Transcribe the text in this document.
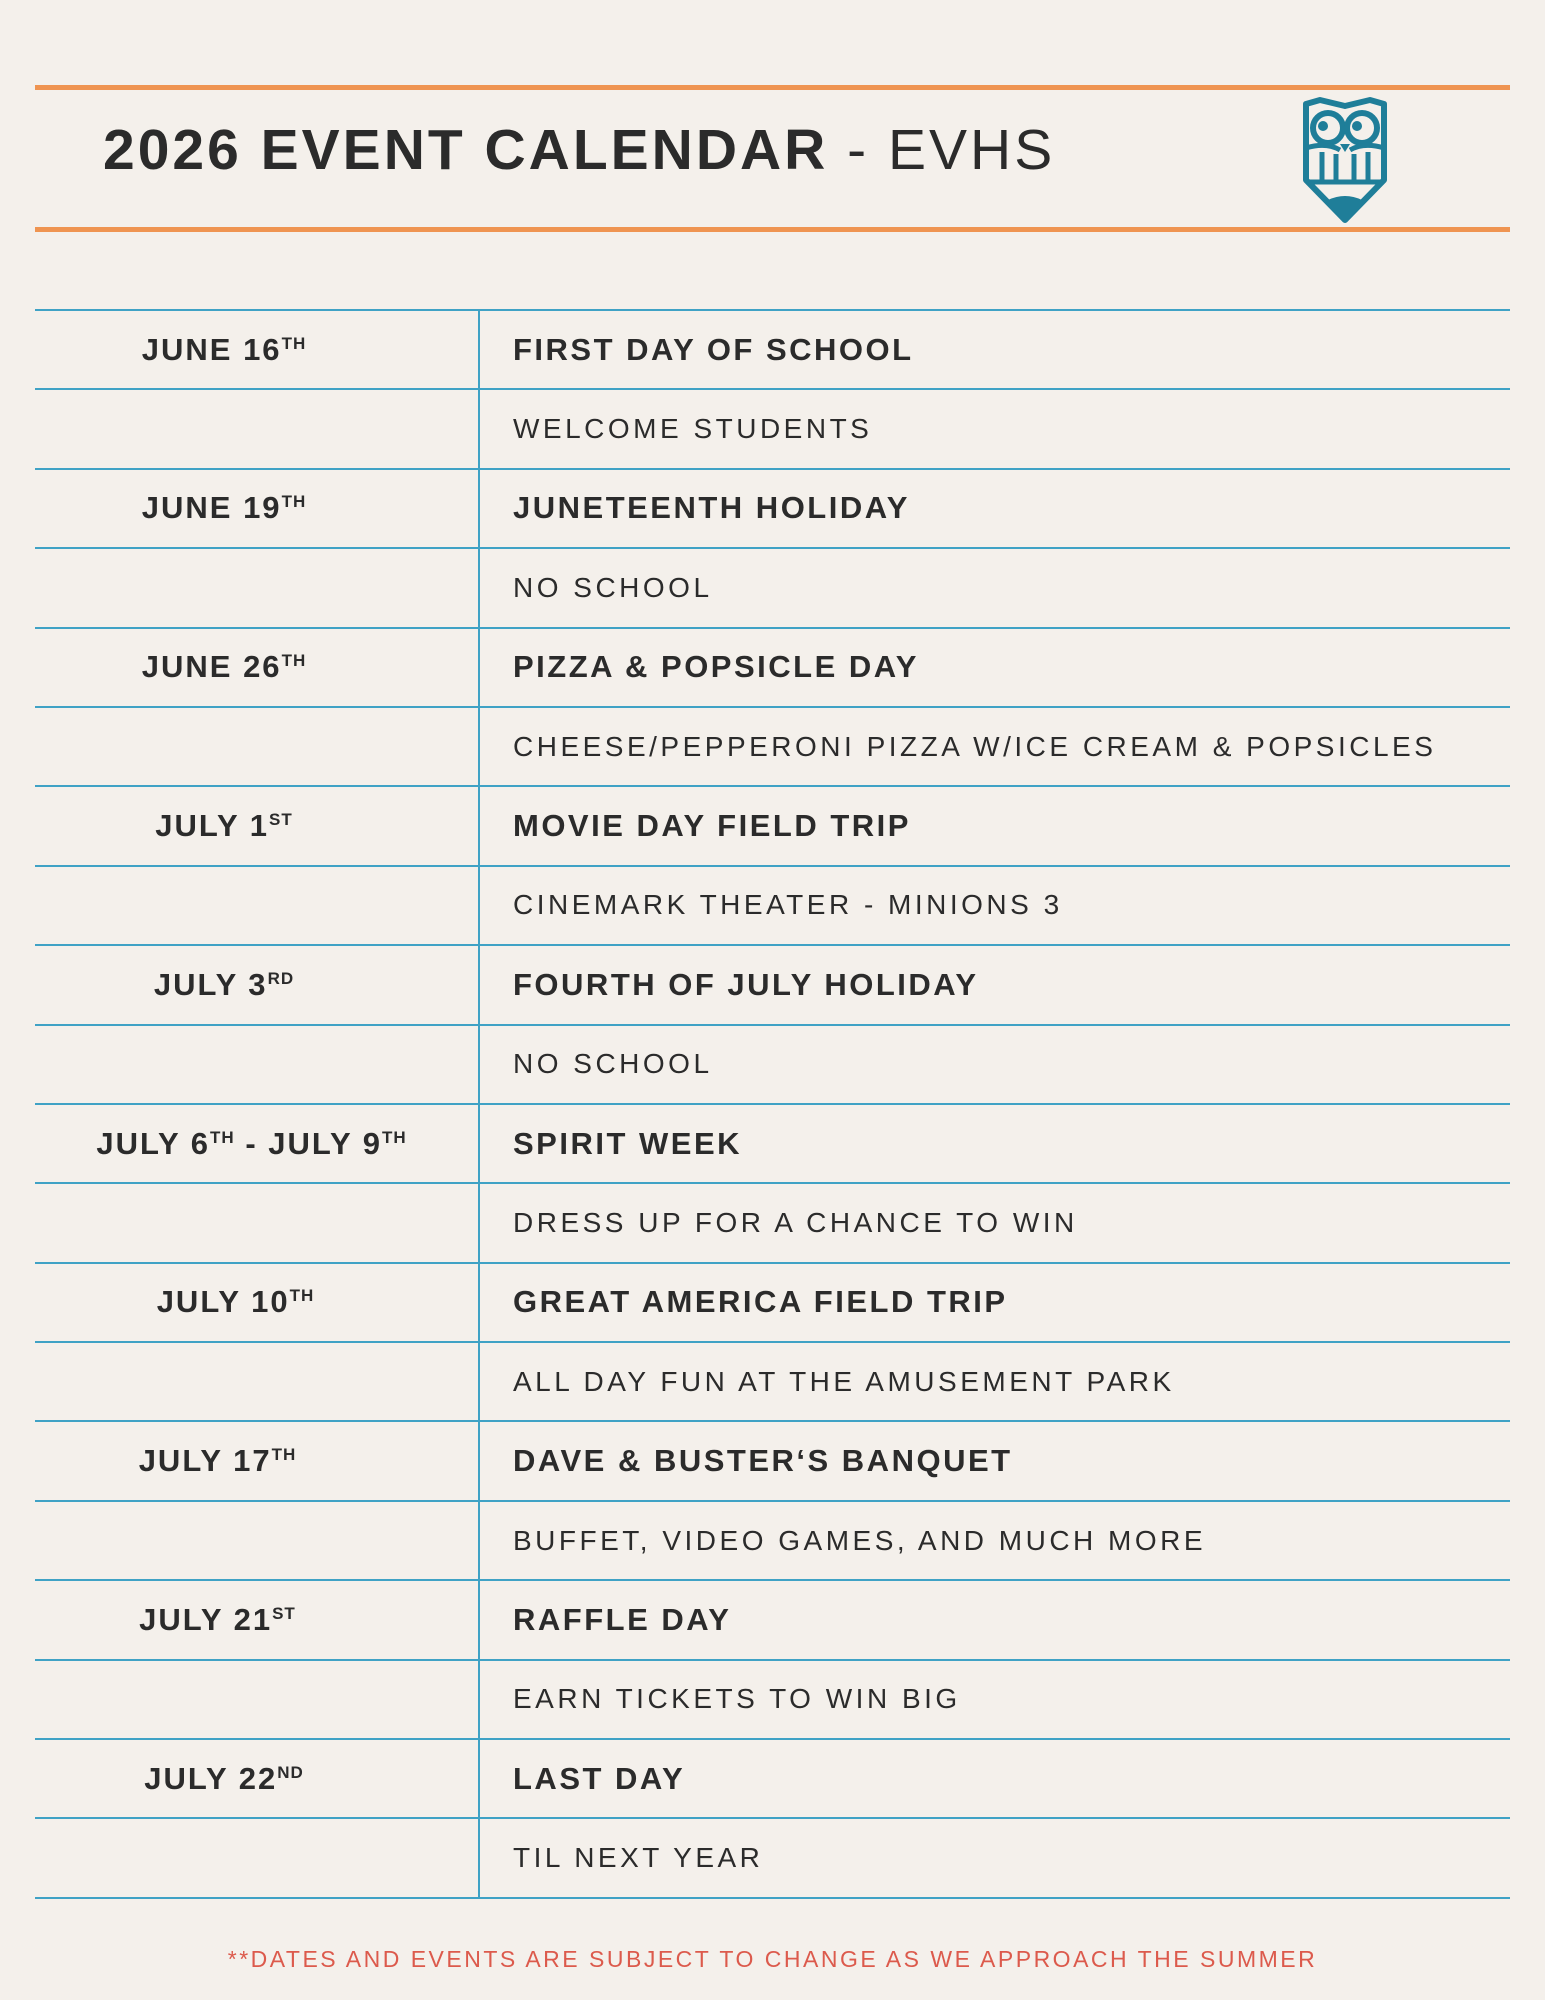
2026 EVENT CALENDAR - EVHS
JUNE 16TH	FIRST DAY OF SCHOOL
WELCOME STUDENTS
JUNE 19TH	JUNETEENTH HOLIDAY
NO SCHOOL
JUNE 26TH	PIZZA & POPSICLE DAY
CHEESE/PEPPERONI PIZZA W/ICE CREAM & POPSICLES
JULY 1ST	MOVIE DAY FIELD TRIP
CINEMARK THEATER - MINIONS 3
JULY 3RD	FOURTH OF JULY HOLIDAY
NO SCHOOL
JULY 6TH - JULY 9TH	SPIRIT WEEK
DRESS UP FOR A CHANCE TO WIN
JULY 10TH	GREAT AMERICA FIELD TRIP
ALL DAY FUN AT THE AMUSEMENT PARK
JULY 17TH	DAVE & BUSTER‘S BANQUET
BUFFET, VIDEO GAMES, AND MUCH MORE
JULY 21ST	RAFFLE DAY
EARN TICKETS TO WIN BIG
JULY 22ND	LAST DAY
TIL NEXT YEAR
**DATES AND EVENTS ARE SUBJECT TO CHANGE AS WE APPROACH THE SUMMER
